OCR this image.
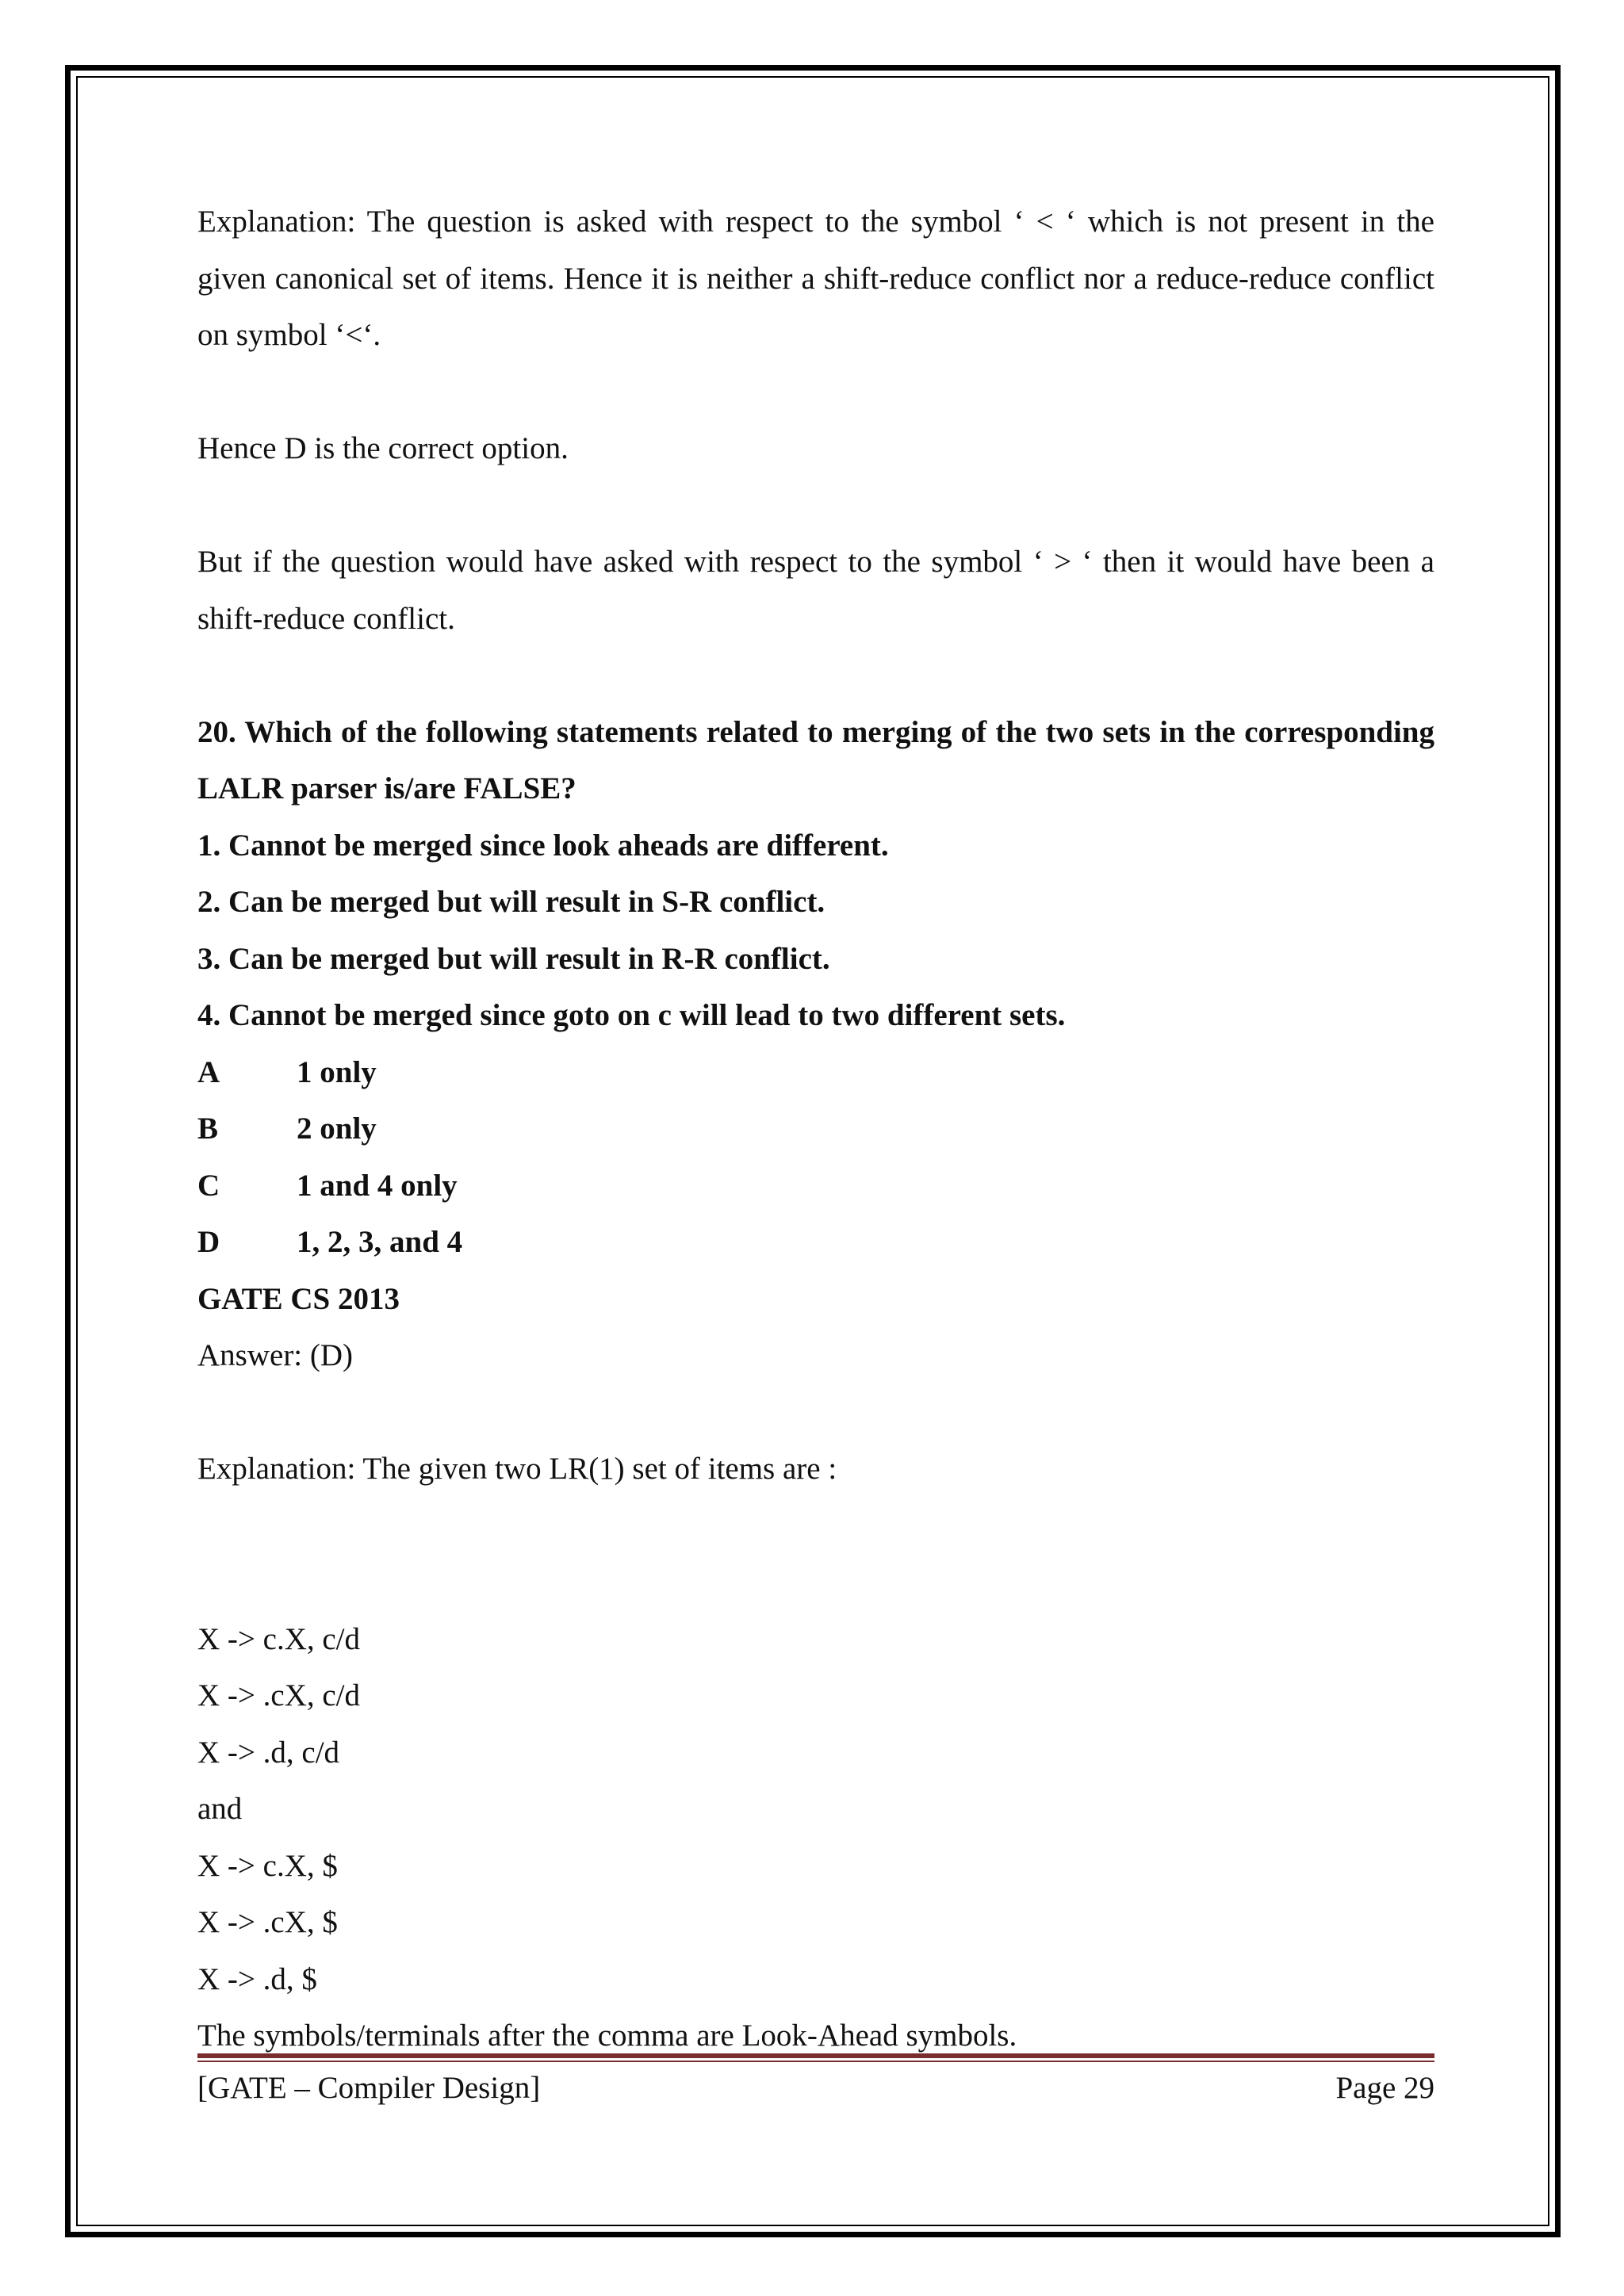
Explanation: The question is asked with respect to the symbol ‘ < ‘ which is not present in the given canonical set of items. Hence it is neither a shift-reduce conflict nor a reduce-reduce conflict on symbol ‘<‘.

Hence D is the correct option.

But if the question would have asked with respect to the symbol ‘ > ‘ then it would have been a shift-reduce conflict.

20. Which of the following statements related to merging of the two sets in the corresponding LALR parser is/are FALSE?

1. Cannot be merged since look aheads are different.

2. Can be merged but will result in S-R conflict.

3. Can be merged but will result in R-R conflict.

4. Cannot be merged since goto on c will lead to two different sets.

A	1 only
B	2 only
C	1 and 4 only
D	1, 2, 3, and 4

GATE CS 2013

Answer: (D)

Explanation: The given two LR(1) set of items are :

X -> c.X, c/d

X -> .cX, c/d

X -> .d, c/d

and

X -> c.X, $

X -> .cX, $

X -> .d, $

The symbols/terminals after the comma are Look-Ahead symbols.

[GATE – Compiler Design]	Page 29
